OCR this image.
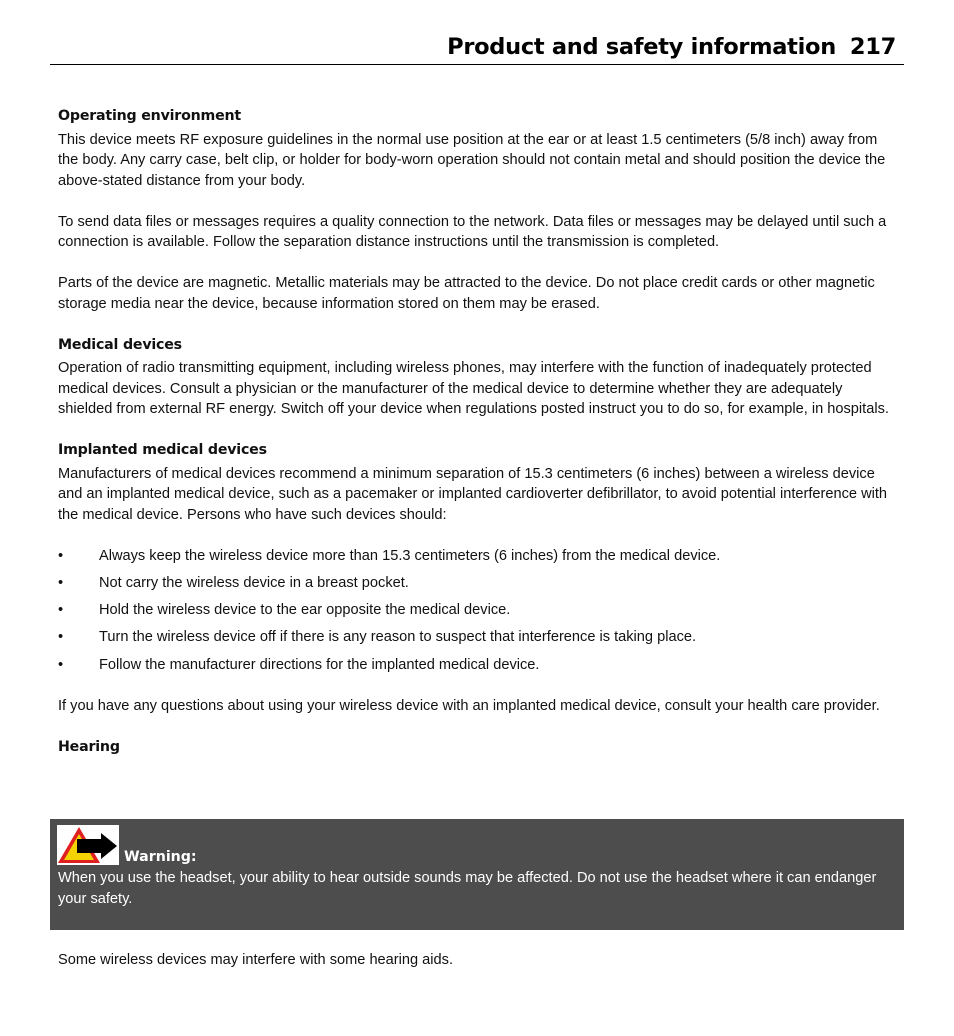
Product and safety information 217
Operating environment

This device meets RF exposure guidelines in the normal use position at the ear or at least 1.5 centimeters (5/8 inch) away from the body. Any carry case, belt clip, or holder for body-worn operation should not contain metal and should position the device the above-stated distance from your body.

To send data files or messages requires a quality connection to the network. Data files or messages may be delayed until such a connection is available. Follow the separation distance instructions until the transmission is completed.

Parts of the device are magnetic. Metallic materials may be attracted to the device. Do not place credit cards or other magnetic storage media near the device, because information stored on them may be erased.

Medical devices

Operation of radio transmitting equipment, including wireless phones, may interfere with the function of inadequately protected medical devices. Consult a physician or the manufacturer of the medical device to determine whether they are adequately shielded from external RF energy. Switch off your device when regulations posted instruct you to do so, for example, in hospitals.

Implanted medical devices

Manufacturers of medical devices recommend a minimum separation of 15.3 centimeters (6 inches) between a wireless device and an implanted medical device, such as a pacemaker or implanted cardioverter defibrillator, to avoid potential interference with the medical device. Persons who have such devices should:

• Always keep the wireless device more than 15.3 centimeters (6 inches) from the medical device.
• Not carry the wireless device in a breast pocket.
• Hold the wireless device to the ear opposite the medical device.
• Turn the wireless device off if there is any reason to suspect that interference is taking place.
• Follow the manufacturer directions for the implanted medical device.

If you have any questions about using your wireless device with an implanted medical device, consult your health care provider.

Hearing
Warning:
When you use the headset, your ability to hear outside sounds may be affected. Do not use the headset where it can endanger your safety.
Some wireless devices may interfere with some hearing aids.
